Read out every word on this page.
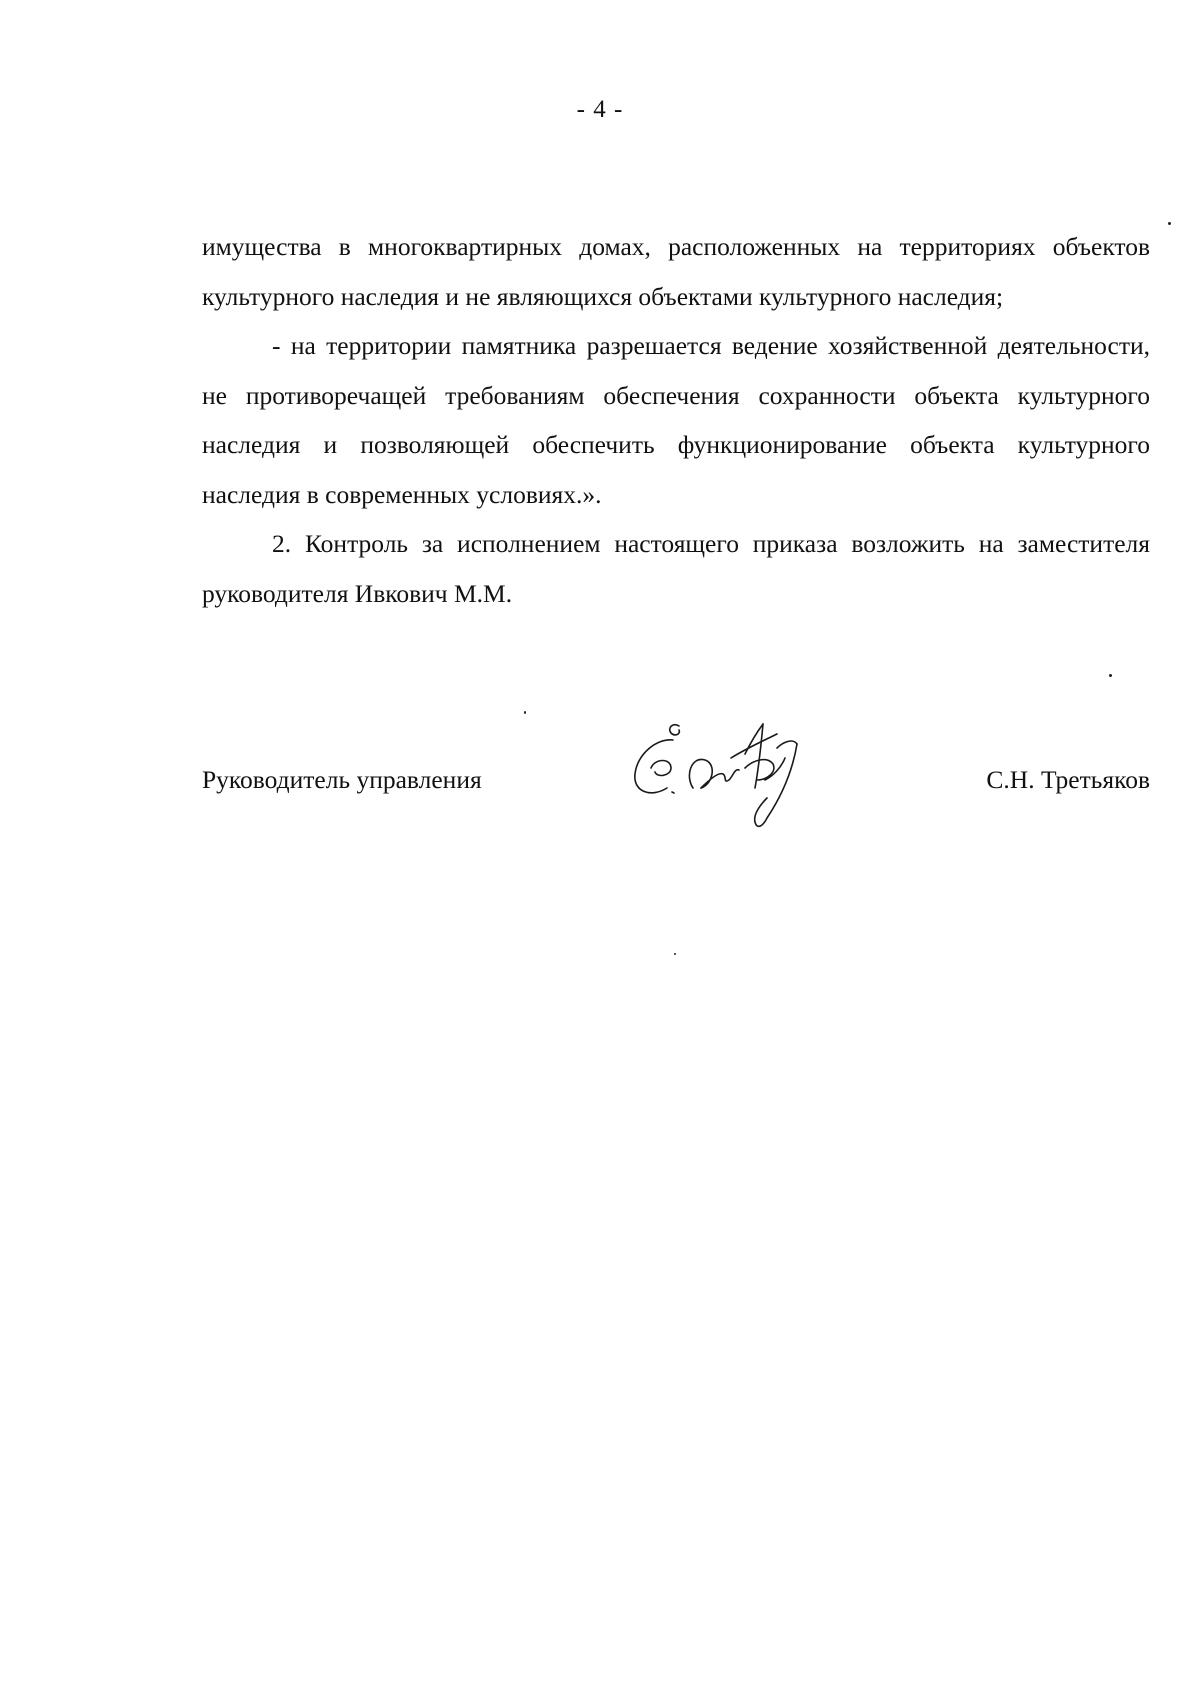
- 4 -

имущества в многоквартирных домах, расположенных на территориях объектов культурного наследия и не являющихся объектами культурного наследия;

- на территории памятника разрешается ведение хозяйственной деятельности, не противоречащей требованиям обеспечения сохранности объекта культурного наследия и позволяющей обеспечить функционирование объекта культурного наследия в современных условиях.».

2. Контроль за исполнением настоящего приказа возложить на заместителя руководителя Ивкович М.М.

Руководитель управления	С.Н. Третьяков
